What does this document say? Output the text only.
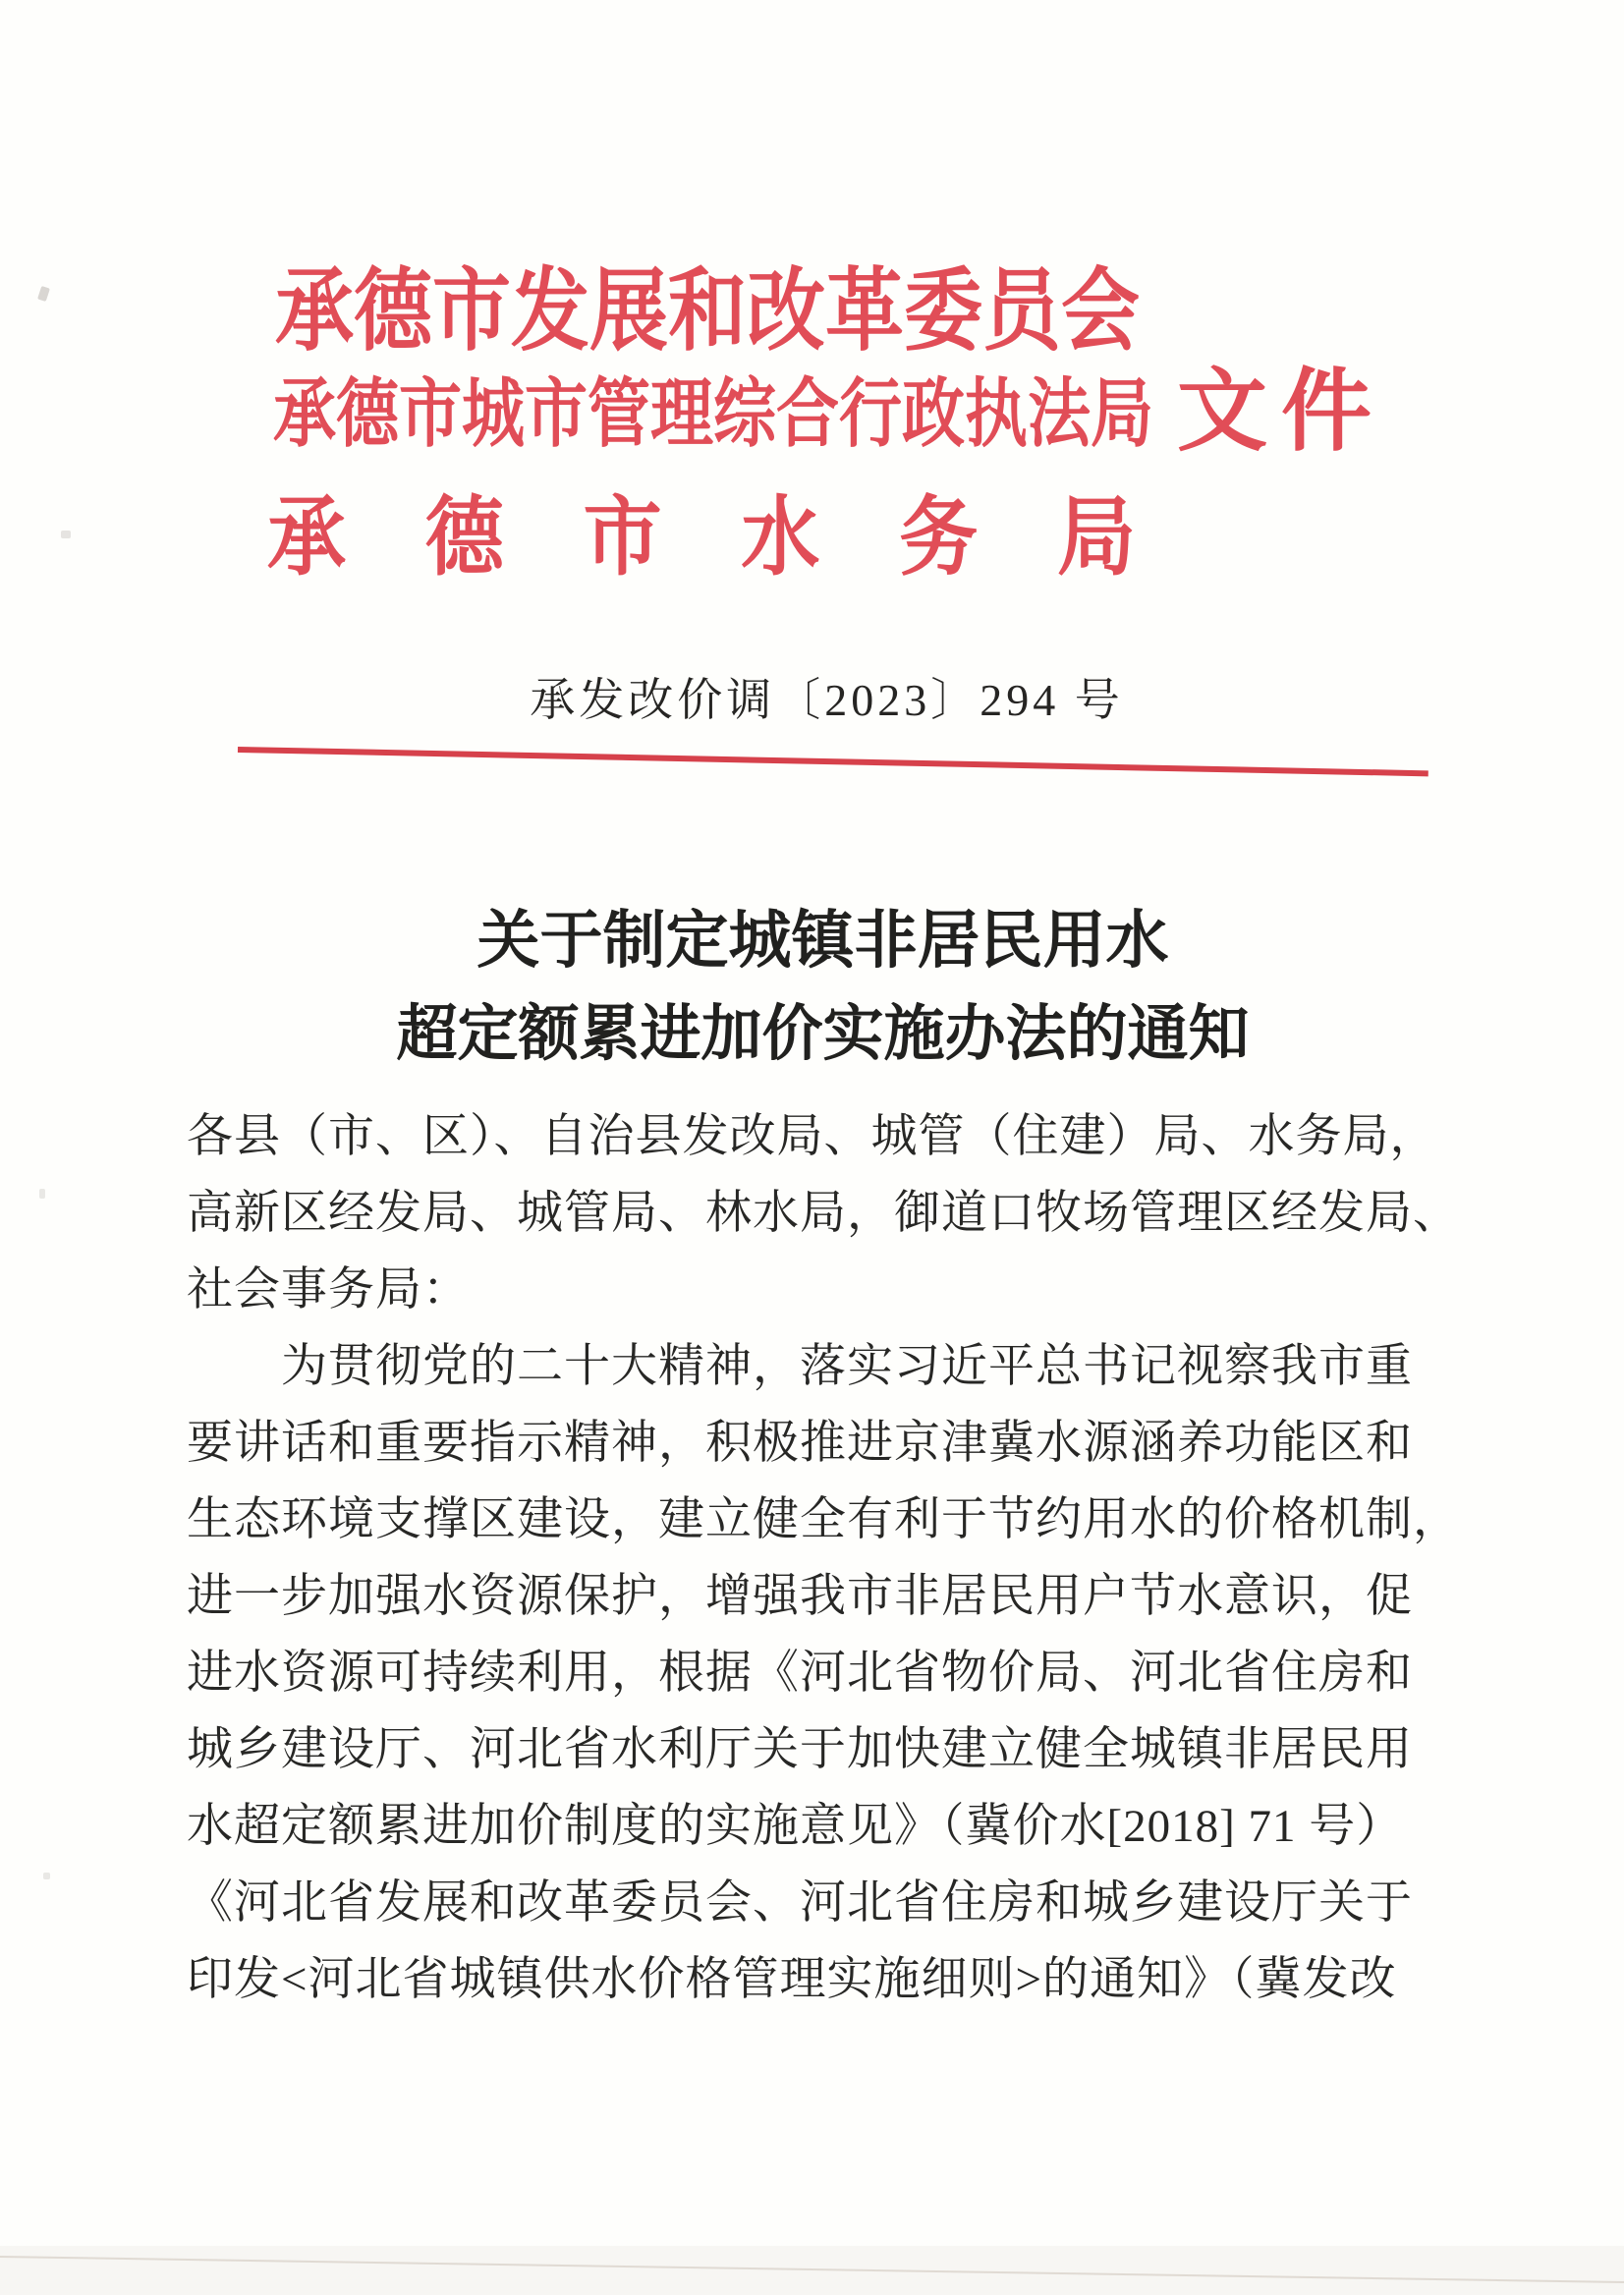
承德市发展和改革委员会
承德市城市管理综合行政执法局 文件
承 德 市 水 务 局
承发改价调〔2023〕294 号
关于制定城镇非居民用水
超定额累进加价实施办法的通知
各县（市、区）、自治县发改局、城管（住建）局、水务局，
高新区经发局、城管局、林水局，御道口牧场管理区经发局、
社会事务局：
为贯彻党的二十大精神，落实习近平总书记视察我市重
要讲话和重要指示精神，积极推进京津冀水源涵养功能区和
生态环境支撑区建设，建立健全有利于节约用水的价格机制，
进一步加强水资源保护，增强我市非居民用户节水意识，促
进水资源可持续利用，根据《河北省物价局、河北省住房和
城乡建设厅、河北省水利厅关于加快建立健全城镇非居民用
水超定额累进加价制度的实施意见》（冀价水[2018] 71 号）
《河北省发展和改革委员会、河北省住房和城乡建设厅关于
印发<河北省城镇供水价格管理实施细则>的通知》（冀发改
